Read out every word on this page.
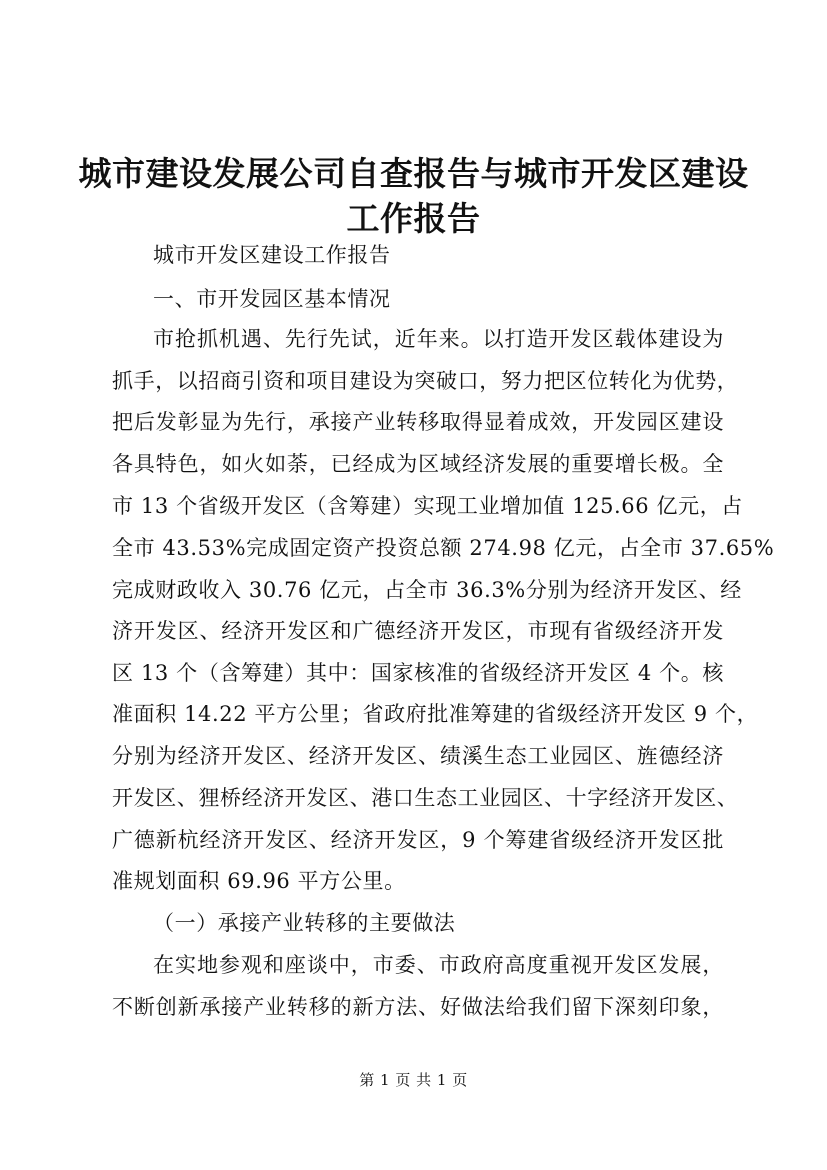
城市建设发展公司自查报告与城市开发区建设
工作报告
城市开发区建设工作报告
一、市开发园区基本情况
市抢抓机遇、先行先试，近年来。以打造开发区载体建设为
抓手，以招商引资和项目建设为突破口，努力把区位转化为优势，
把后发彰显为先行，承接产业转移取得显着成效，开发园区建设
各具特色，如火如荼，已经成为区域经济发展的重要增长极。全
市 13 个省级开发区（含筹建）实现工业增加值 125.66 亿元，占
全市 43.53%完成固定资产投资总额 274.98 亿元，占全市 37.65%
完成财政收入 30.76 亿元，占全市 36.3%分别为经济开发区、经
济开发区、经济开发区和广德经济开发区，市现有省级经济开发
区 13 个（含筹建）其中：国家核准的省级经济开发区 4 个。核
准面积 14.22 平方公里；省政府批准筹建的省级经济开发区 9 个，
分别为经济开发区、经济开发区、绩溪生态工业园区、旌德经济
开发区、狸桥经济开发区、港口生态工业园区、十字经济开发区、
广德新杭经济开发区、经济开发区，9 个筹建省级经济开发区批
准规划面积 69.96 平方公里。
（一）承接产业转移的主要做法
在实地参观和座谈中，市委、市政府高度重视开发区发展，
不断创新承接产业转移的新方法、好做法给我们留下深刻印象，
第 1 页 共 1 页
